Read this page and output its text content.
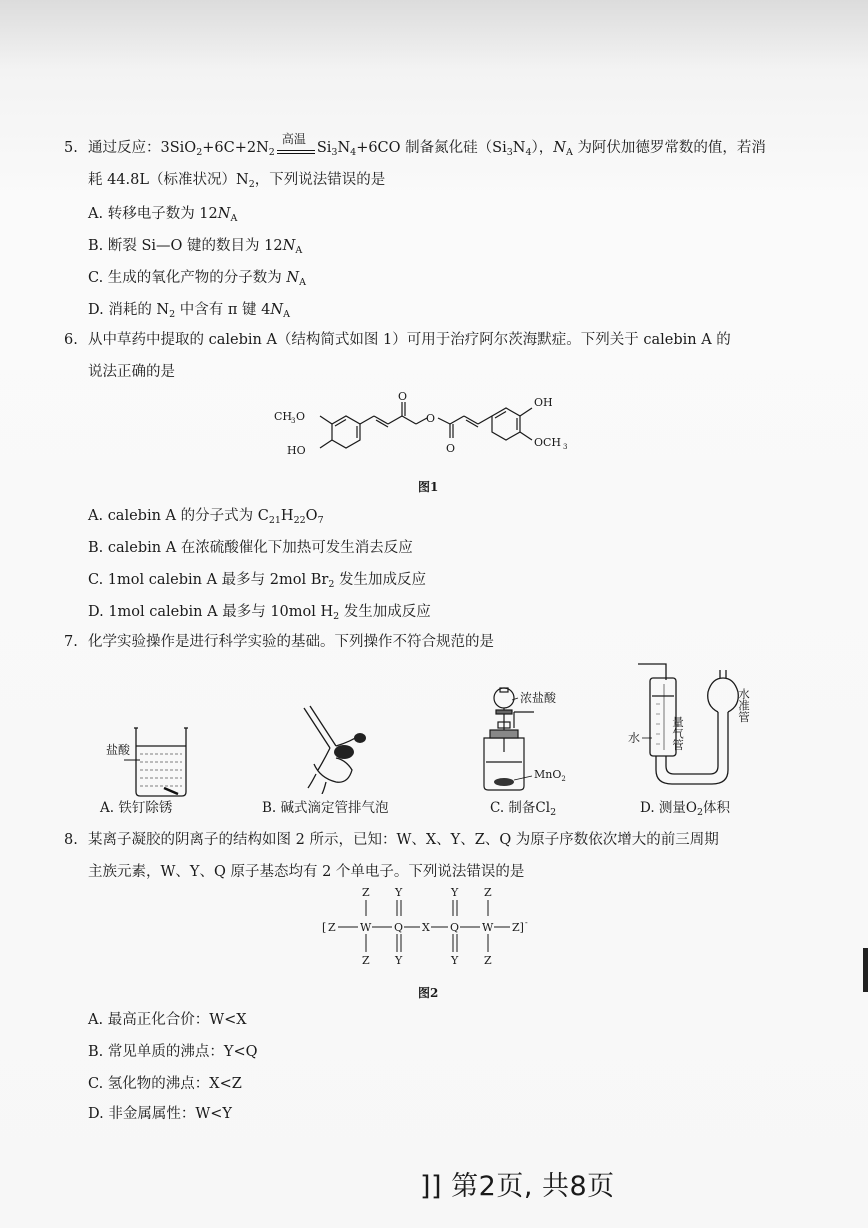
5. 通过反应：$3SiO_2+6C+2N_2$
高温
$Si_3N_4+6CO$ 制备氮化硅$(Si_3N_4)$，$N_A$ 为阿伏加德罗常数的值，若消
耗 44.8L（标准状况）$N_2$，下列说法错误的是
A. 转移电子数为 $12N_A$
B. 断裂 Si—O 键的数目为 $12N_A$
C. 生成的氧化产物的分子数为 $N_A$
D. 消耗的 $N_2$ 中含有 π 键 $4N_A$
6. 从中草药中提取的 calebin A（结构简式如图 1）可用于治疗阿尔茨海默症。下列关于 calebin A 的
说法正确的是
CH
3 O
HO
O
O
O
OH
OCH 3
图1
A. calebin A 的分子式为 $C_{21}H_{22}O_7$
B. calebin A 在浓硫酸催化下加热可发生消去反应
C. 1mol calebin A 最多与 2mol $Br_2$ 发生加成反应
D. 1mol calebin A 最多与 10mol $H_2$ 发生加成反应
7. 化学实验操作是进行科学实验的基础。下列操作不符合规范的是
盐酸
A. 铁钉除锈	B. 碱式滴定管排气泡
浓盐酸
MnO$_2$
C. 制备$Cl_2$
水	量气管
水准管
D. 测量$O_2$体积
8. 某离子凝胶的阴离子的结构如图 2 所示，已知：W、X、Y、Z、Q 为原子序数依次增大的前三周期
主族元素，W、Y、Q 原子基态均有 2 个单电子。下列说法错误的是
[ Z W Q X Q W Z] -
Z Y	Y Z
Z Y	Y Z
图2
A. 最高正化合价：W<X
B. 常见单质的沸点：Y<Q
C. 氢化物的沸点：X<Z
D. 非金属属性：W<Y
]] 第2页, 共8页
